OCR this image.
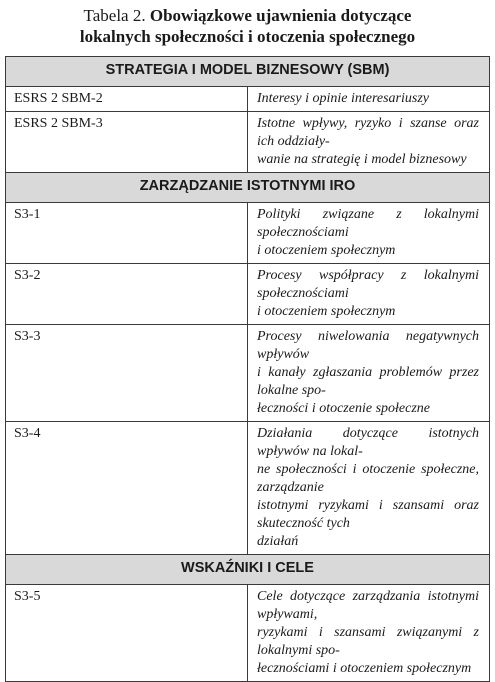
Tabela 2. Obowiązkowe ujawnienia dotyczące
lokalnych społeczności i otoczenia społecznego
STRATEGIA I MODEL BIZNESOWY (SBM)	
ESRS 2 SBM-2	Interesy i opinie interesariuszy

ESRS 2 SBM-3	Istotne wpływy, ryzyko i szanse oraz ich oddziały-
wanie na strategię i model biznesowy

ZARZĄDZANIE ISTOTNYMI IRO	
S3-1	Polityki związane z lokalnymi społecznościami
i otoczeniem społecznym

S3-2	Procesy współpracy z lokalnymi społecznościami
i otoczeniem społecznym

S3-3	Procesy niwelowania negatywnych wpływów
i kanały zgłaszania problemów przez lokalne spo-
łeczności i otoczenie społeczne

S3-4	Działania dotyczące istotnych wpływów na lokal-
ne społeczności i otoczenie społeczne, zarządzanie
istotnymi ryzykami i szansami oraz skuteczność tych
działań

WSKAŹNIKI I CELE	
S3-5	Cele dotyczące zarządzania istotnymi wpływami,
ryzykami i szansami związanymi z lokalnymi spo-
łecznościami i otoczeniem społecznym
